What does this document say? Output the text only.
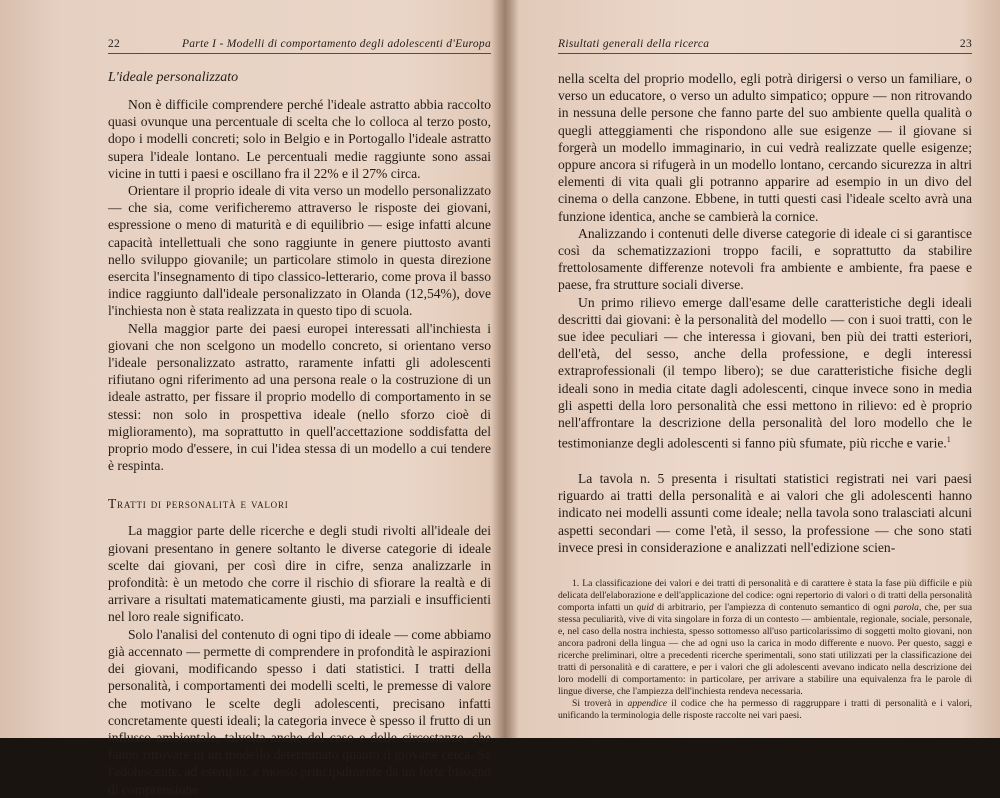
22	Parte I - Modelli di comportamento degli adolescenti d'Europa
L'ideale personalizzato

Non è difficile comprendere perché l'ideale astratto abbia raccolto quasi ovunque una percentuale di scelta che lo colloca al terzo posto, dopo i modelli concreti; solo in Belgio e in Portogallo l'ideale astratto supera l'ideale lontano. Le percentuali medie raggiunte sono assai vicine in tutti i paesi e oscillano fra il 22% e il 27% circa.

Orientare il proprio ideale di vita verso un modello personalizzato — che sia, come verificheremo attraverso le risposte dei giovani, espressione o meno di maturità e di equilibrio — esige infatti alcune capacità intellettuali che sono raggiunte in genere piuttosto avanti nello sviluppo giovanile; un particolare stimolo in questa direzione esercita l'insegnamento di tipo classico-letterario, come prova il basso indice raggiunto dall'ideale personalizzato in Olanda (12,54%), dove l'inchiesta non è stata realizzata in questo tipo di scuola.

Nella maggior parte dei paesi europei interessati all'inchiesta i giovani che non scelgono un modello concreto, si orientano verso l'ideale personalizzato astratto, raramente infatti gli adolescenti rifiutano ogni riferimento ad una persona reale o la costruzione di un ideale astratto, per fissare il proprio modello di comportamento in se stessi: non solo in prospettiva ideale (nello sforzo cioè di miglioramento), ma soprattutto in quell'accettazione soddisfatta del proprio modo d'essere, in cui l'idea stessa di un modello a cui tendere è respinta.

Tratti di personalità e valori

La maggior parte delle ricerche e degli studi rivolti all'ideale dei giovani presentano in genere soltanto le diverse categorie di ideale scelte dai giovani, per così dire in cifre, senza analizzarle in profondità: è un metodo che corre il rischio di sfiorare la realtà e di arrivare a risultati matematicamente giusti, ma parziali e insufficienti nel loro reale significato.

Solo l'analisi del contenuto di ogni tipo di ideale — come abbiamo già accennato — permette di comprendere in profondità le aspirazioni dei giovani, modificando spesso i dati statistici. I tratti della personalità, i comportamenti dei modelli scelti, le premesse di valore che motivano le scelte degli adolescenti, precisano infatti concretamente questi ideali; la categoria invece è spesso il frutto di un influsso ambientale, talvolta anche del caso e delle circostanze, che fanno ritrovare in un modello determinato quanto il giovane cerca. Se l'adolescente, ad esempio, è mosso principalmente da un forte bisogno di comprensione

Risultati generali della ricerca	23

nella scelta del proprio modello, egli potrà dirigersi o verso un familiare, o verso un educatore, o verso un adulto simpatico; oppure — non ritrovando in nessuna delle persone che fanno parte del suo ambiente quella qualità o quegli atteggiamenti che rispondono alle sue esigenze — il giovane si forgerà un modello immaginario, in cui vedrà realizzate quelle esigenze; oppure ancora si rifugerà in un modello lontano, cercando sicurezza in altri elementi di vita quali gli potranno apparire ad esempio in un divo del cinema o della canzone. Ebbene, in tutti questi casi l'ideale scelto avrà una funzione identica, anche se cambierà la cornice.

Analizzando i contenuti delle diverse categorie di ideale ci si garantisce così da schematizzazioni troppo facili, e soprattutto da stabilire frettolosamente differenze notevoli fra ambiente e ambiente, fra paese e paese, fra strutture sociali diverse.

Un primo rilievo emerge dall'esame delle caratteristiche degli ideali descritti dai giovani: è la personalità del modello — con i suoi tratti, con le sue idee peculiari — che interessa i giovani, ben più dei tratti esteriori, dell'età, del sesso, anche della professione, e degli interessi extraprofessionali (il tempo libero); se due caratteristiche fisiche degli ideali sono in media citate dagli adolescenti, cinque invece sono in media gli aspetti della loro personalità che essi mettono in rilievo: ed è proprio nell'affrontare la descrizione della personalità del loro modello che le testimonianze degli adolescenti si fanno più sfumate, più ricche e varie.$^1$

La tavola n. 5 presenta i risultati statistici registrati nei vari paesi riguardo ai tratti della personalità e ai valori che gli adolescenti hanno indicato nei modelli assunti come ideale; nella tavola sono tralasciati alcuni aspetti secondari — come l'età, il sesso, la professione — che sono stati invece presi in considerazione e analizzati nell'edizione scien-

1. La classificazione dei valori e dei tratti di personalità e di carattere è stata la fase più difficile e più delicata dell'elaborazione e dell'applicazione del codice: ogni repertorio di valori o di tratti della personalità comporta infatti un quid di arbitrario, per l'ampiezza di contenuto semantico di ogni parola, che, per sua stessa peculiarità, vive di vita singolare in forza di un contesto — ambientale, regionale, sociale, personale, e, nel caso della nostra inchiesta, spesso sottomesso all'uso particolarissimo di soggetti molto giovani, non ancora padroni della lingua — che ad ogni uso la carica in modo differente e nuovo. Per questo, saggi e ricerche preliminari, oltre a precedenti ricerche sperimentali, sono stati utilizzati per la classificazione dei tratti di personalità e di carattere, e per i valori che gli adolescenti avevano indicato nella descrizione dei loro modelli di comportamento: in particolare, per arrivare a stabilire una equivalenza fra le parole di lingue diverse, che l'ampiezza dell'inchiesta rendeva necessaria.

Si troverà in appendice il codice che ha permesso di raggruppare i tratti di personalità e i valori, unificando la terminologia delle risposte raccolte nei vari paesi.
